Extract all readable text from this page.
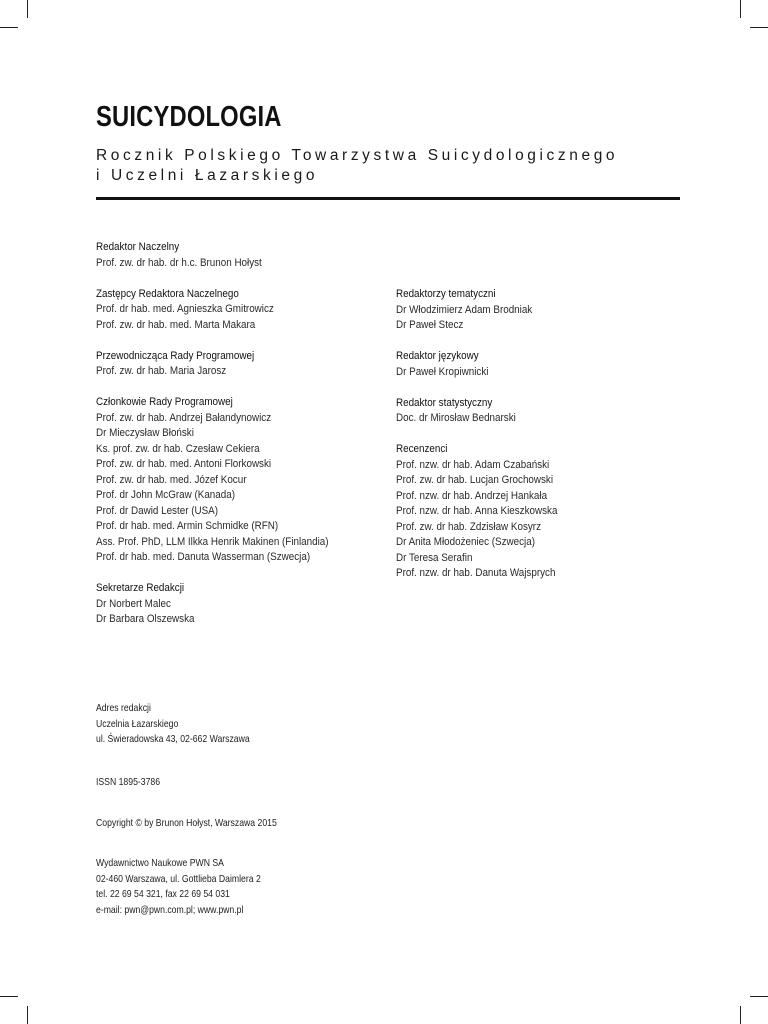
SUICYDOLOGIA
Rocznik Polskiego Towarzystwa Suicydologicznego
i Uczelni Łazarskiego
Redaktor Naczelny
Prof. zw. dr hab. dr h.c. Brunon Hołyst
Zastępcy Redaktora Naczelnego
Prof. dr hab. med. Agnieszka Gmitrowicz
Prof. zw. dr hab. med. Marta Makara
Przewodnicząca Rady Programowej
Prof. zw. dr hab. Maria Jarosz
Członkowie Rady Programowej
Prof. zw. dr hab. Andrzej Bałandynowicz
Dr Mieczysław Błoński
Ks. prof. zw. dr hab. Czesław Cekiera
Prof. zw. dr hab. med. Antoni Florkowski
Prof. zw. dr hab. med. Józef Kocur
Prof. dr John McGraw (Kanada)
Prof. dr Dawid Lester (USA)
Prof. dr hab. med. Armin Schmidke (RFN)
Ass. Prof. PhD, LLM Ilkka Henrik Makinen (Finlandia)
Prof. dr hab. med. Danuta Wasserman (Szwecja)
Sekretarze Redakcji
Dr Norbert Malec
Dr Barbara Olszewska
Redaktorzy tematyczni
Dr Włodzimierz Adam Brodniak
Dr Paweł Stecz
Redaktor językowy
Dr Paweł Kropiwnicki
Redaktor statystyczny
Doc. dr Mirosław Bednarski
Recenzenci
Prof. nzw. dr hab. Adam Czabański
Prof. zw. dr hab. Lucjan Grochowski
Prof. nzw. dr hab. Andrzej Hankała
Prof. nzw. dr hab. Anna Kieszkowska
Prof. zw. dr hab. Zdzisław Kosyrz
Dr Anita Młodożeniec (Szwecja)
Dr Teresa Serafin
Prof. nzw. dr hab. Danuta Wajsprych
Adres redakcji
Uczelnia Łazarskiego
ul. Świeradowska 43, 02-662 Warszawa
ISSN 1895-3786
Copyright © by Brunon Hołyst, Warszawa 2015
Wydawnictwo Naukowe PWN SA
02-460 Warszawa, ul. Gottlieba Daimlera 2
tel. 22 69 54 321, fax 22 69 54 031
e-mail: pwn@pwn.com.pl; www.pwn.pl
